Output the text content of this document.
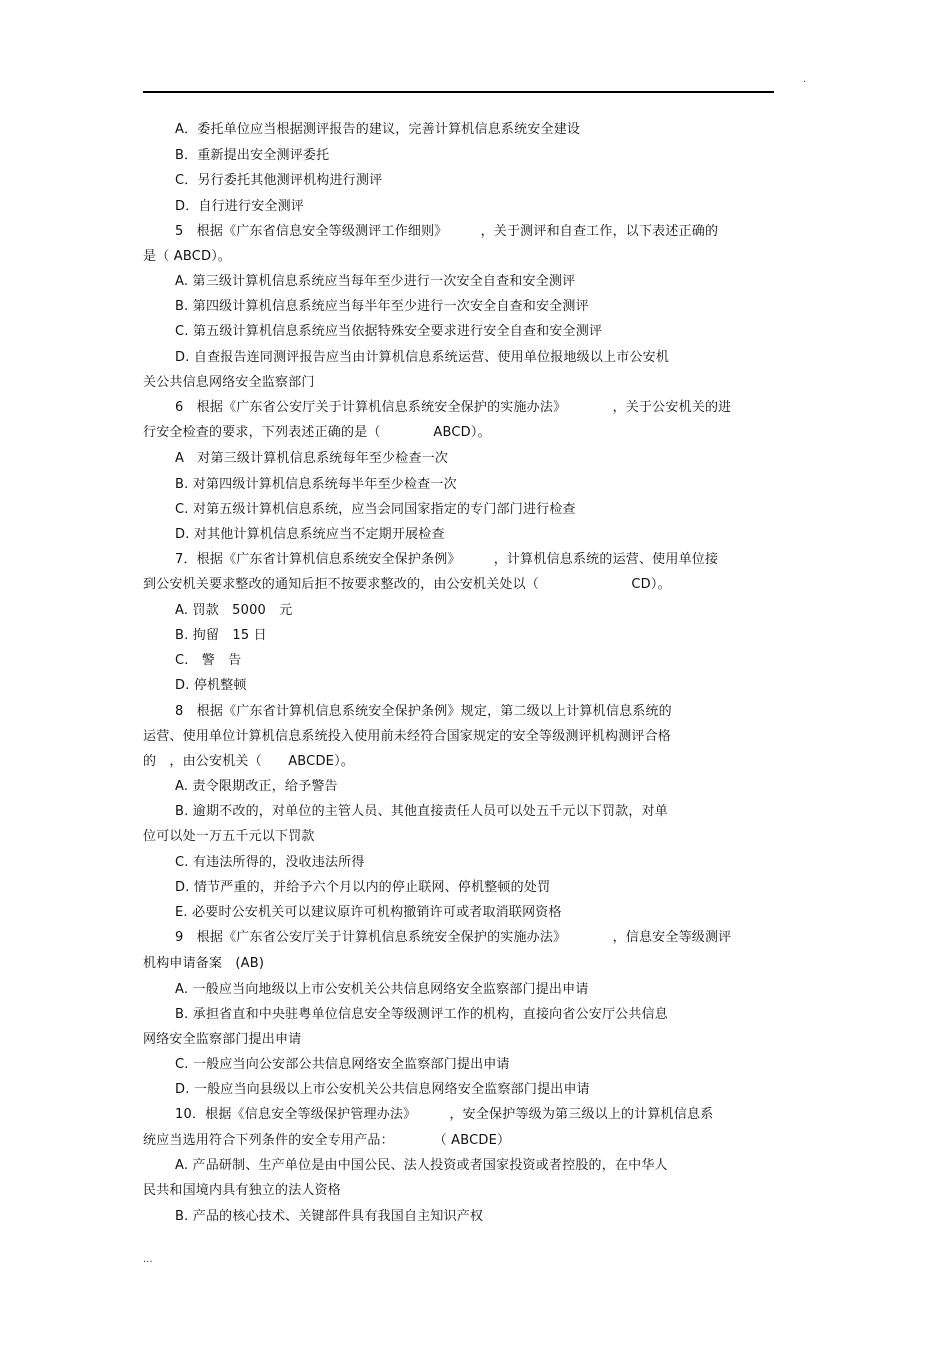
.
A．委托单位应当根据测评报告的建议，完善计算机信息系统安全建设
B．重新提出安全测评委托
C．另行委托其他测评机构进行测评
D．自行进行安全测评
5　根据《广东省信息安全等级测评工作细则》　　　，关于测评和自查工作，以下表述正确的
是（ ABCD）。
A. 第三级计算机信息系统应当每年至少进行一次安全自查和安全测评
B. 第四级计算机信息系统应当每半年至少进行一次安全自查和安全测评
C. 第五级计算机信息系统应当依据特殊安全要求进行安全自查和安全测评
D. 自查报告连同测评报告应当由计算机信息系统运营、使用单位报地级以上市公安机
关公共信息网络安全监察部门
6　根据《广东省公安厅关于计算机信息系统安全保护的实施办法》　　　　，关于公安机关的进
行安全检查的要求，下列表述正确的是（　　　　ABCD）。
A　对第三级计算机信息系统每年至少检查一次
B. 对第四级计算机信息系统每半年至少检查一次
C. 对第五级计算机信息系统，应当会同国家指定的专门部门进行检查
D. 对其他计算机信息系统应当不定期开展检查
7．根据《广东省计算机信息系统安全保护条例》　　　，计算机信息系统的运营、使用单位接
到公安机关要求整改的通知后拒不按要求整改的，由公安机关处以（　　　　　　　CD）。
A. 罚款　5000　元
B. 拘留　15 日
C.　警　告
D. 停机整顿
8　根据《广东省计算机信息系统安全保护条例》规定，第二级以上计算机信息系统的
运营、使用单位计算机信息系统投入使用前未经符合国家规定的安全等级测评机构测评合格
的　，由公安机关（　　ABCDE）。
A. 责令限期改正，给予警告
B. 逾期不改的，对单位的主管人员、其他直接责任人员可以处五千元以下罚款，对单
位可以处一万五千元以下罚款
C. 有违法所得的，没收违法所得
D. 情节严重的，并给予六个月以内的停止联网、停机整顿的处罚
E. 必要时公安机关可以建议原许可机构撤销许可或者取消联网资格
9　根据《广东省公安厅关于计算机信息系统安全保护的实施办法》　　　　，信息安全等级测评
机构申请备案　(AB)
A. 一般应当向地级以上市公安机关公共信息网络安全监察部门提出申请
B. 承担省直和中央驻粤单位信息安全等级测评工作的机构，直接向省公安厅公共信息
网络安全监察部门提出申请
C. 一般应当向公安部公共信息网络安全监察部门提出申请
D. 一般应当向县级以上市公安机关公共信息网络安全监察部门提出申请
10．根据《信息安全等级保护管理办法》　　　，安全保护等级为第三级以上的计算机信息系
统应当选用符合下列条件的安全专用产品：　　　　（ ABCDE）
A. 产品研制、生产单位是由中国公民、法人投资或者国家投资或者控股的，在中华人
民共和国境内具有独立的法人资格
B. 产品的核心技术、关键部件具有我国自主知识产权
...
